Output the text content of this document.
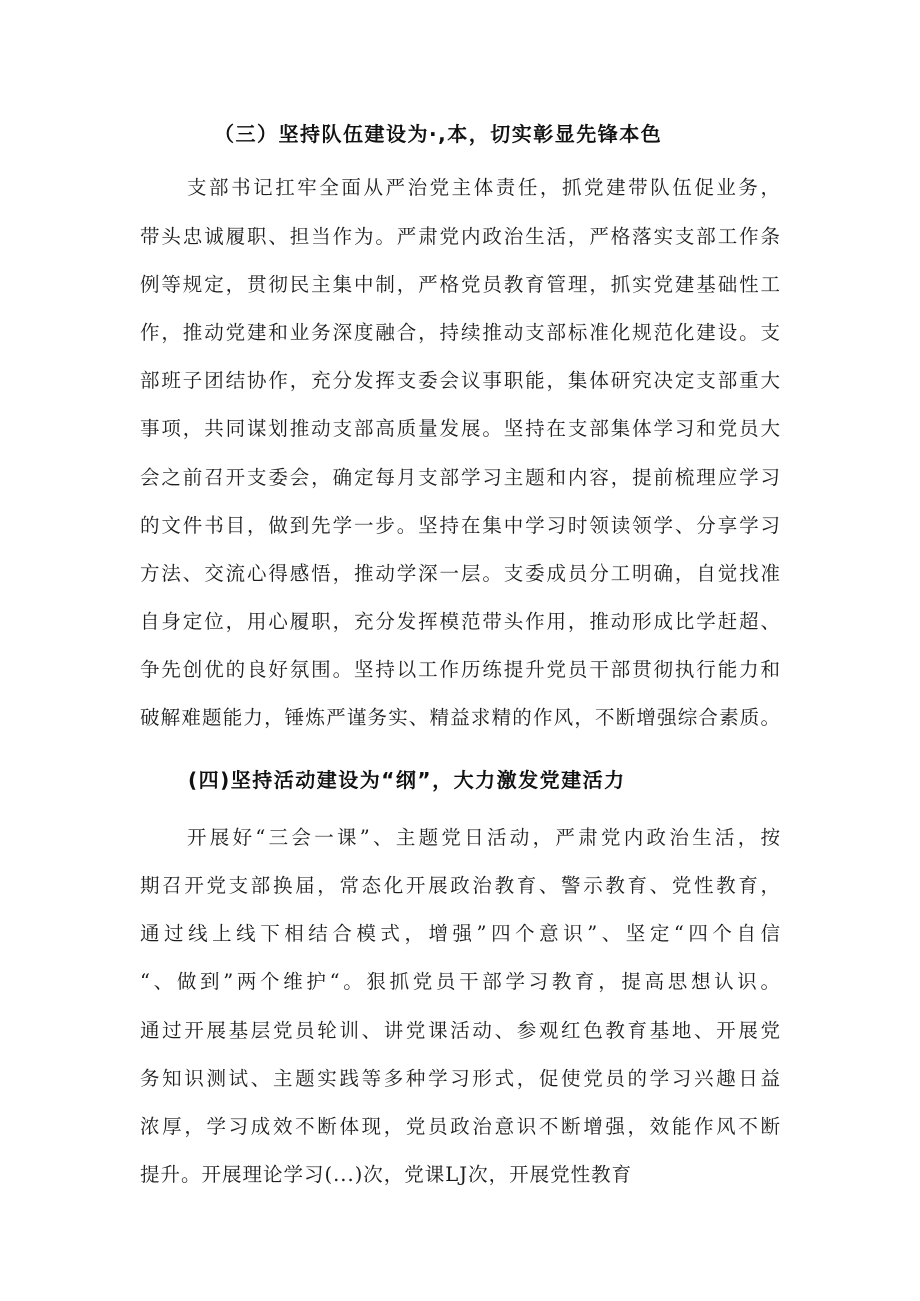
（三）坚持队伍建设为·,本，切实彰显先锋本色
支部书记扛牢全面从严治党主体责任，抓党建带队伍促业务，
带头忠诚履职、担当作为。严肃党内政治生活，严格落实支部工作条
例等规定，贯彻民主集中制，严格党员教育管理，抓实党建基础性工
作，推动党建和业务深度融合，持续推动支部标准化规范化建设。支
部班子团结协作，充分发挥支委会议事职能，集体研究决定支部重大
事项，共同谋划推动支部高质量发展。坚持在支部集体学习和党员大
会之前召开支委会，确定每月支部学习主题和内容，提前梳理应学习
的文件书目，做到先学一步。坚持在集中学习时领读领学、分享学习
方法、交流心得感悟，推动学深一层。支委成员分工明确，自觉找准
自身定位，用心履职，充分发挥模范带头作用，推动形成比学赶超、
争先创优的良好氛围。坚持以工作历练提升党员干部贯彻执行能力和
破解难题能力，锤炼严谨务实、精益求精的作风，不断增强综合素质。
(四)坚持活动建设为“纲”，大力激发党建活力
开展好“三会一课”、主题党日活动，严肃党内政治生活，按
期召开党支部换届，常态化开展政治教育、警示教育、党性教育，
通过线上线下相结合模式，增强”四个意识”、坚定“四个自信
“、做到”两个维护“。狠抓党员干部学习教育，提高思想认识。
通过开展基层党员轮训、讲党课活动、参观红色教育基地、开展党
务知识测试、主题实践等多种学习形式，促使党员的学习兴趣日益
浓厚，学习成效不断体现，党员政治意识不断增强，效能作风不断
提升。开展理论学习(...)次，党课LJ次，开展党性教育
